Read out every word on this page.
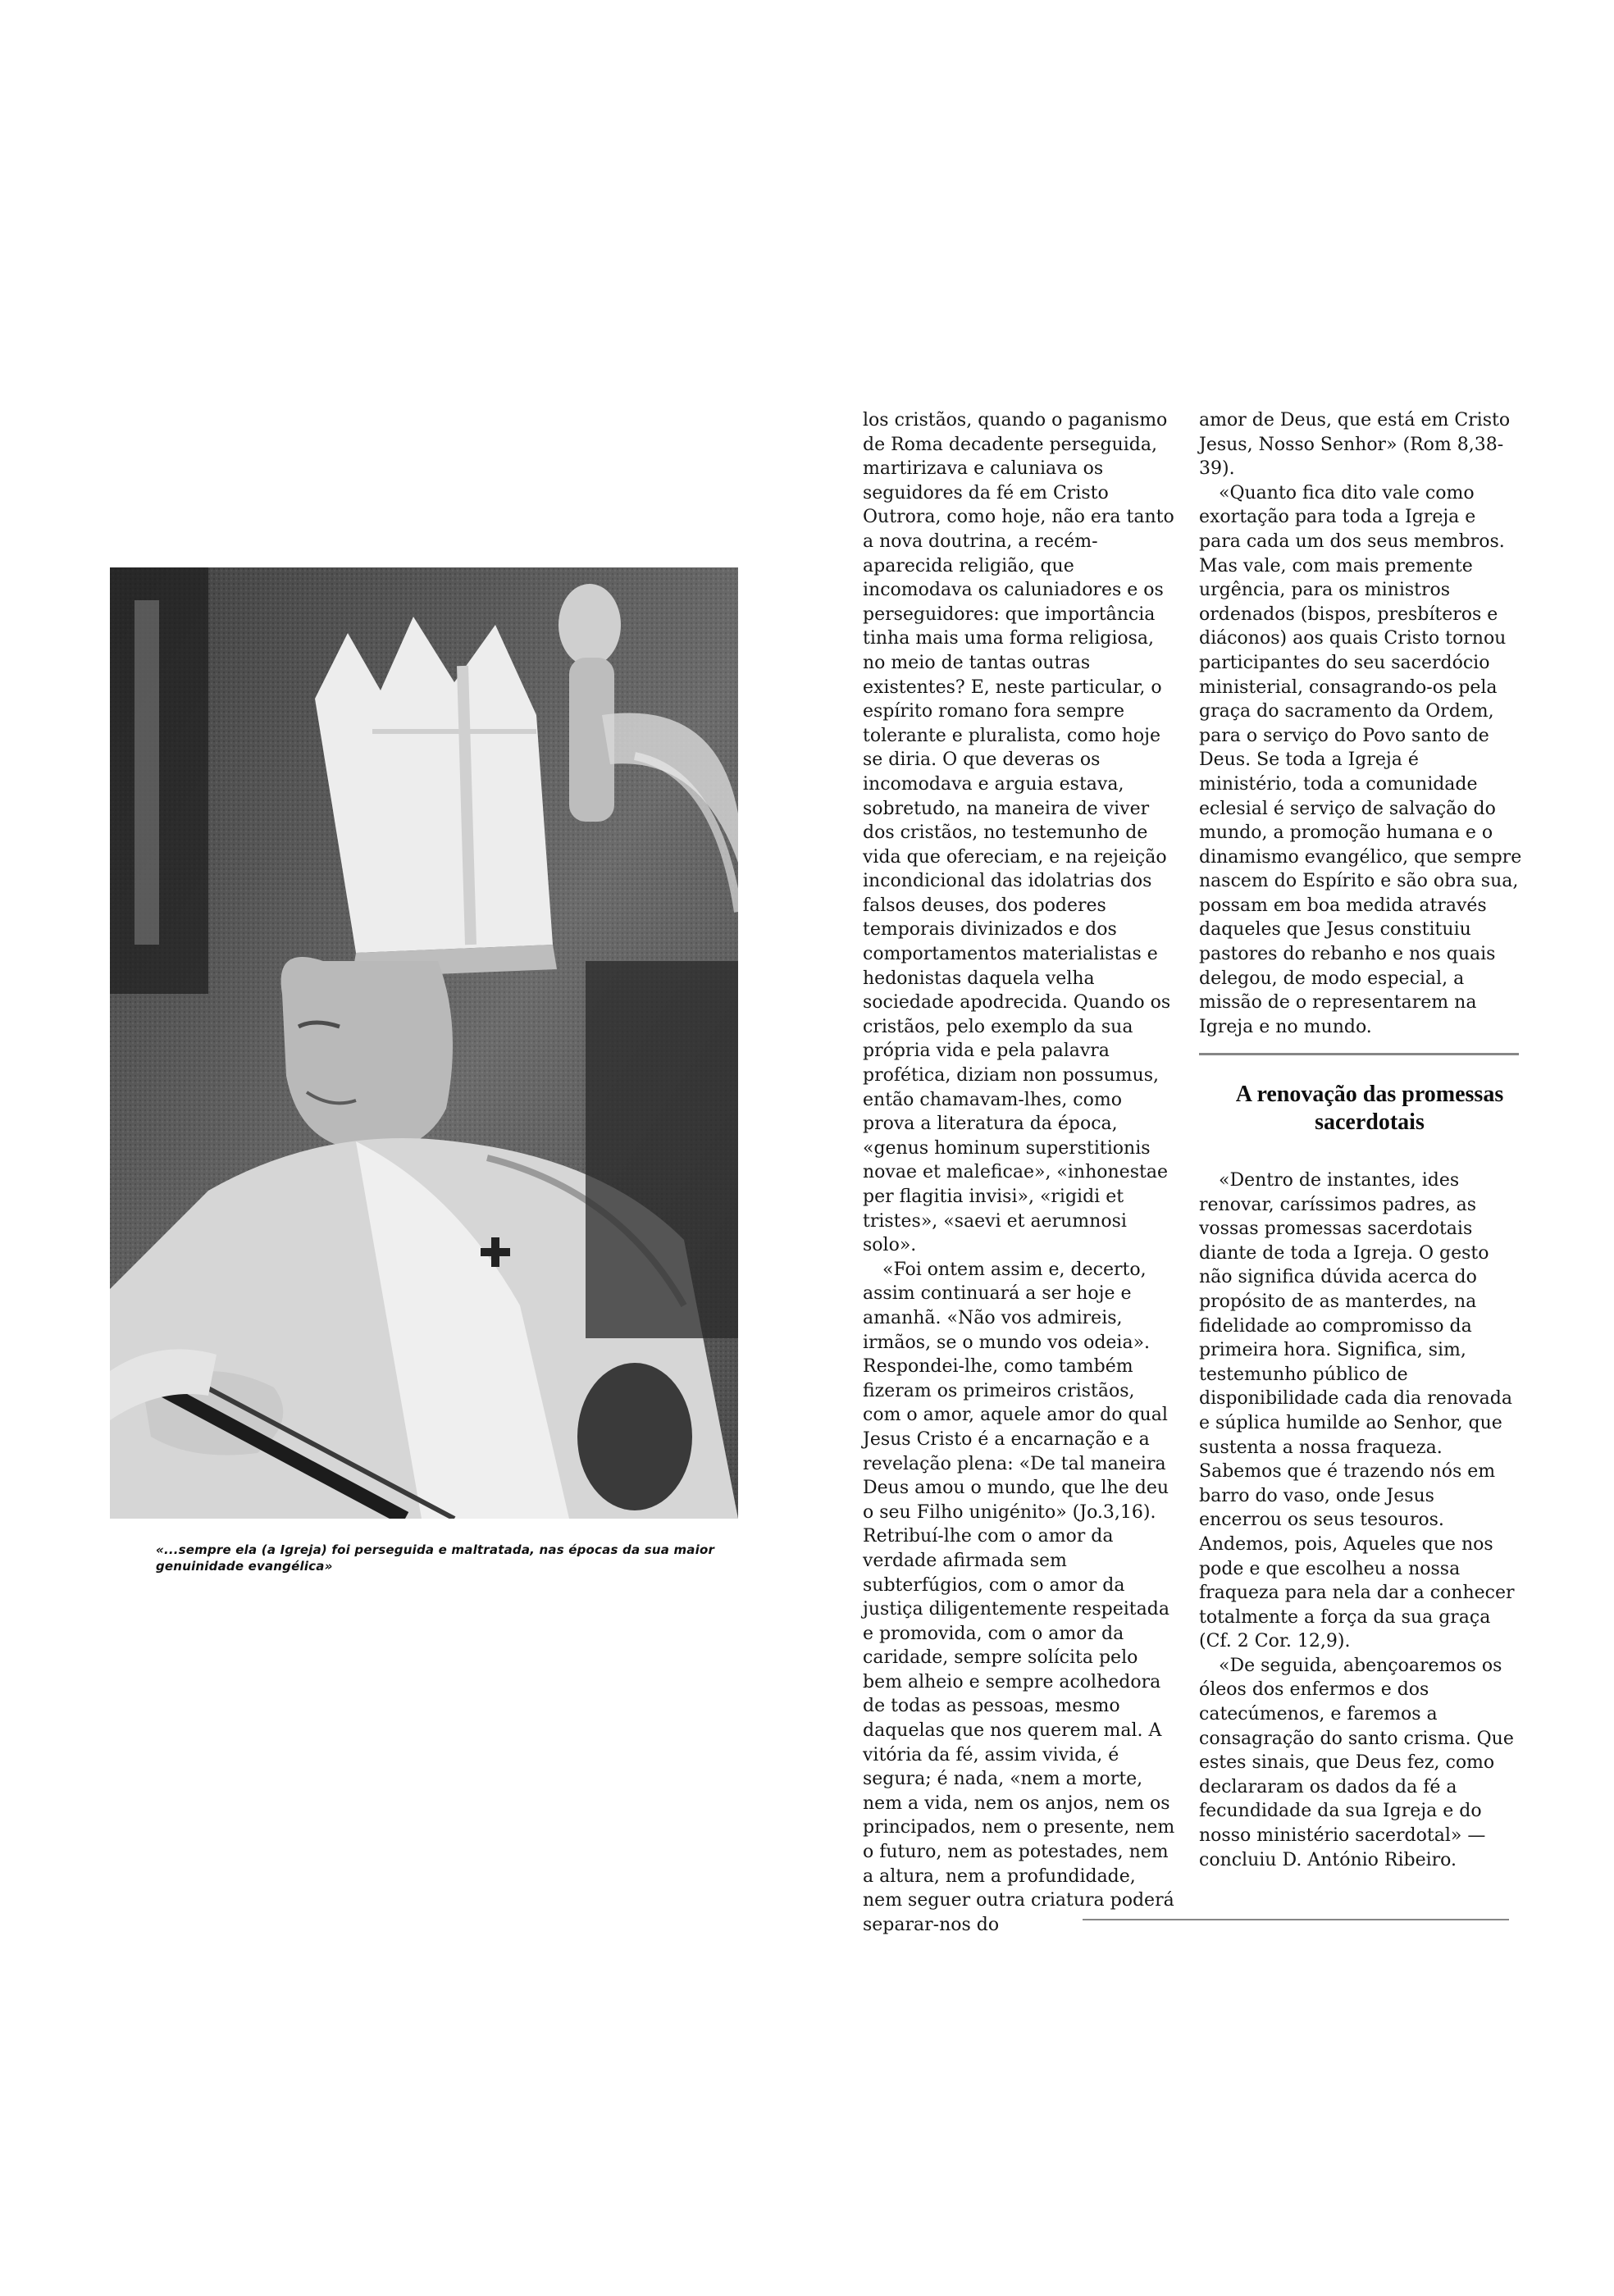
«...sempre ela (a Igreja) foi perseguida e maltratada, nas épocas da sua maior genuinidade evangélica»

los cristãos, quando o paganismo de Roma decadente perseguida, martirizava e caluniava os seguidores da fé em Cristo Outrora, como hoje, não era tanto a nova doutrina, a recém-aparecida religião, que incomodava os caluniadores e os perseguidores: que importância tinha mais uma forma religiosa, no meio de tantas outras existentes? E, neste particular, o espírito romano fora sempre tolerante e pluralista, como hoje se diria. O que deveras os incomodava e arguia estava, sobretudo, na maneira de viver dos cristãos, no testemunho de vida que ofereciam, e na rejeição incondicional das idolatrias dos falsos deuses, dos poderes temporais divinizados e dos comportamentos materialistas e hedonistas daquela velha sociedade apodrecida. Quando os cristãos, pelo exemplo da sua própria vida e pela palavra profética, diziam non possumus, então chamavam-lhes, como prova a literatura da época, «genus hominum superstitionis novae et maleficae», «inhonestae per flagitia invisi», «rigidi et tristes», «saevi et aerumnosi solo».

«Foi ontem assim e, decerto, assim continuará a ser hoje e amanhã. «Não vos admireis, irmãos, se o mundo vos odeia». Respondei-lhe, como também fizeram os primeiros cristãos, com o amor, aquele amor do qual Jesus Cristo é a encarnação e a revelação plena: «De tal maneira Deus amou o mundo, que lhe deu o seu Filho unigénito» (Jo.3,16). Retribuí-lhe com o amor da verdade afirmada sem subterfúgios, com o amor da justiça diligentemente respeitada e promovida, com o amor da caridade, sempre solícita pelo bem alheio e sempre acolhedora de todas as pessoas, mesmo daquelas que nos querem mal. A vitória da fé, assim vivida, é segura; é nada, «nem a morte, nem a vida, nem os anjos, nem os principados, nem o presente, nem o futuro, nem as potestades, nem a altura, nem a profundidade, nem seguer outra criatura poderá separar-nos do

amor de Deus, que está em Cristo Jesus, Nosso Senhor» (Rom 8,38-39).

«Quanto fica dito vale como exortação para toda a Igreja e para cada um dos seus membros. Mas vale, com mais premente urgência, para os ministros ordenados (bispos, presbíteros e diáconos) aos quais Cristo tornou participantes do seu sacerdócio ministerial, consagrando-os pela graça do sacramento da Ordem, para o serviço do Povo santo de Deus. Se toda a Igreja é ministério, toda a comunidade eclesial é serviço de salvação do mundo, a promoção humana e o dinamismo evangélico, que sempre nascem do Espírito e são obra sua, possam em boa medida através daqueles que Jesus constituiu pastores do rebanho e nos quais delegou, de modo especial, a missão de o representarem na Igreja e no mundo.

A renovação das promessas sacerdotais

«Dentro de instantes, ides renovar, caríssimos padres, as vossas promessas sacerdotais diante de toda a Igreja. O gesto não significa dúvida acerca do propósito de as manterdes, na fidelidade ao compromisso da primeira hora. Significa, sim, testemunho público de disponibilidade cada dia renovada e súplica humilde ao Senhor, que sustenta a nossa fraqueza. Sabemos que é trazendo nós em barro do vaso, onde Jesus encerrou os seus tesouros. Andemos, pois, Aqueles que nos pode e que escolheu a nossa fraqueza para nela dar a conhecer totalmente a força da sua graça (Cf. 2 Cor. 12,9).

«De seguida, abençoaremos os óleos dos enfermos e dos catecúmenos, e faremos a consagração do santo crisma. Que estes sinais, que Deus fez, como declararam os dados da fé a fecundidade da sua Igreja e do nosso ministério sacerdotal» — concluiu D. António Ribeiro.
